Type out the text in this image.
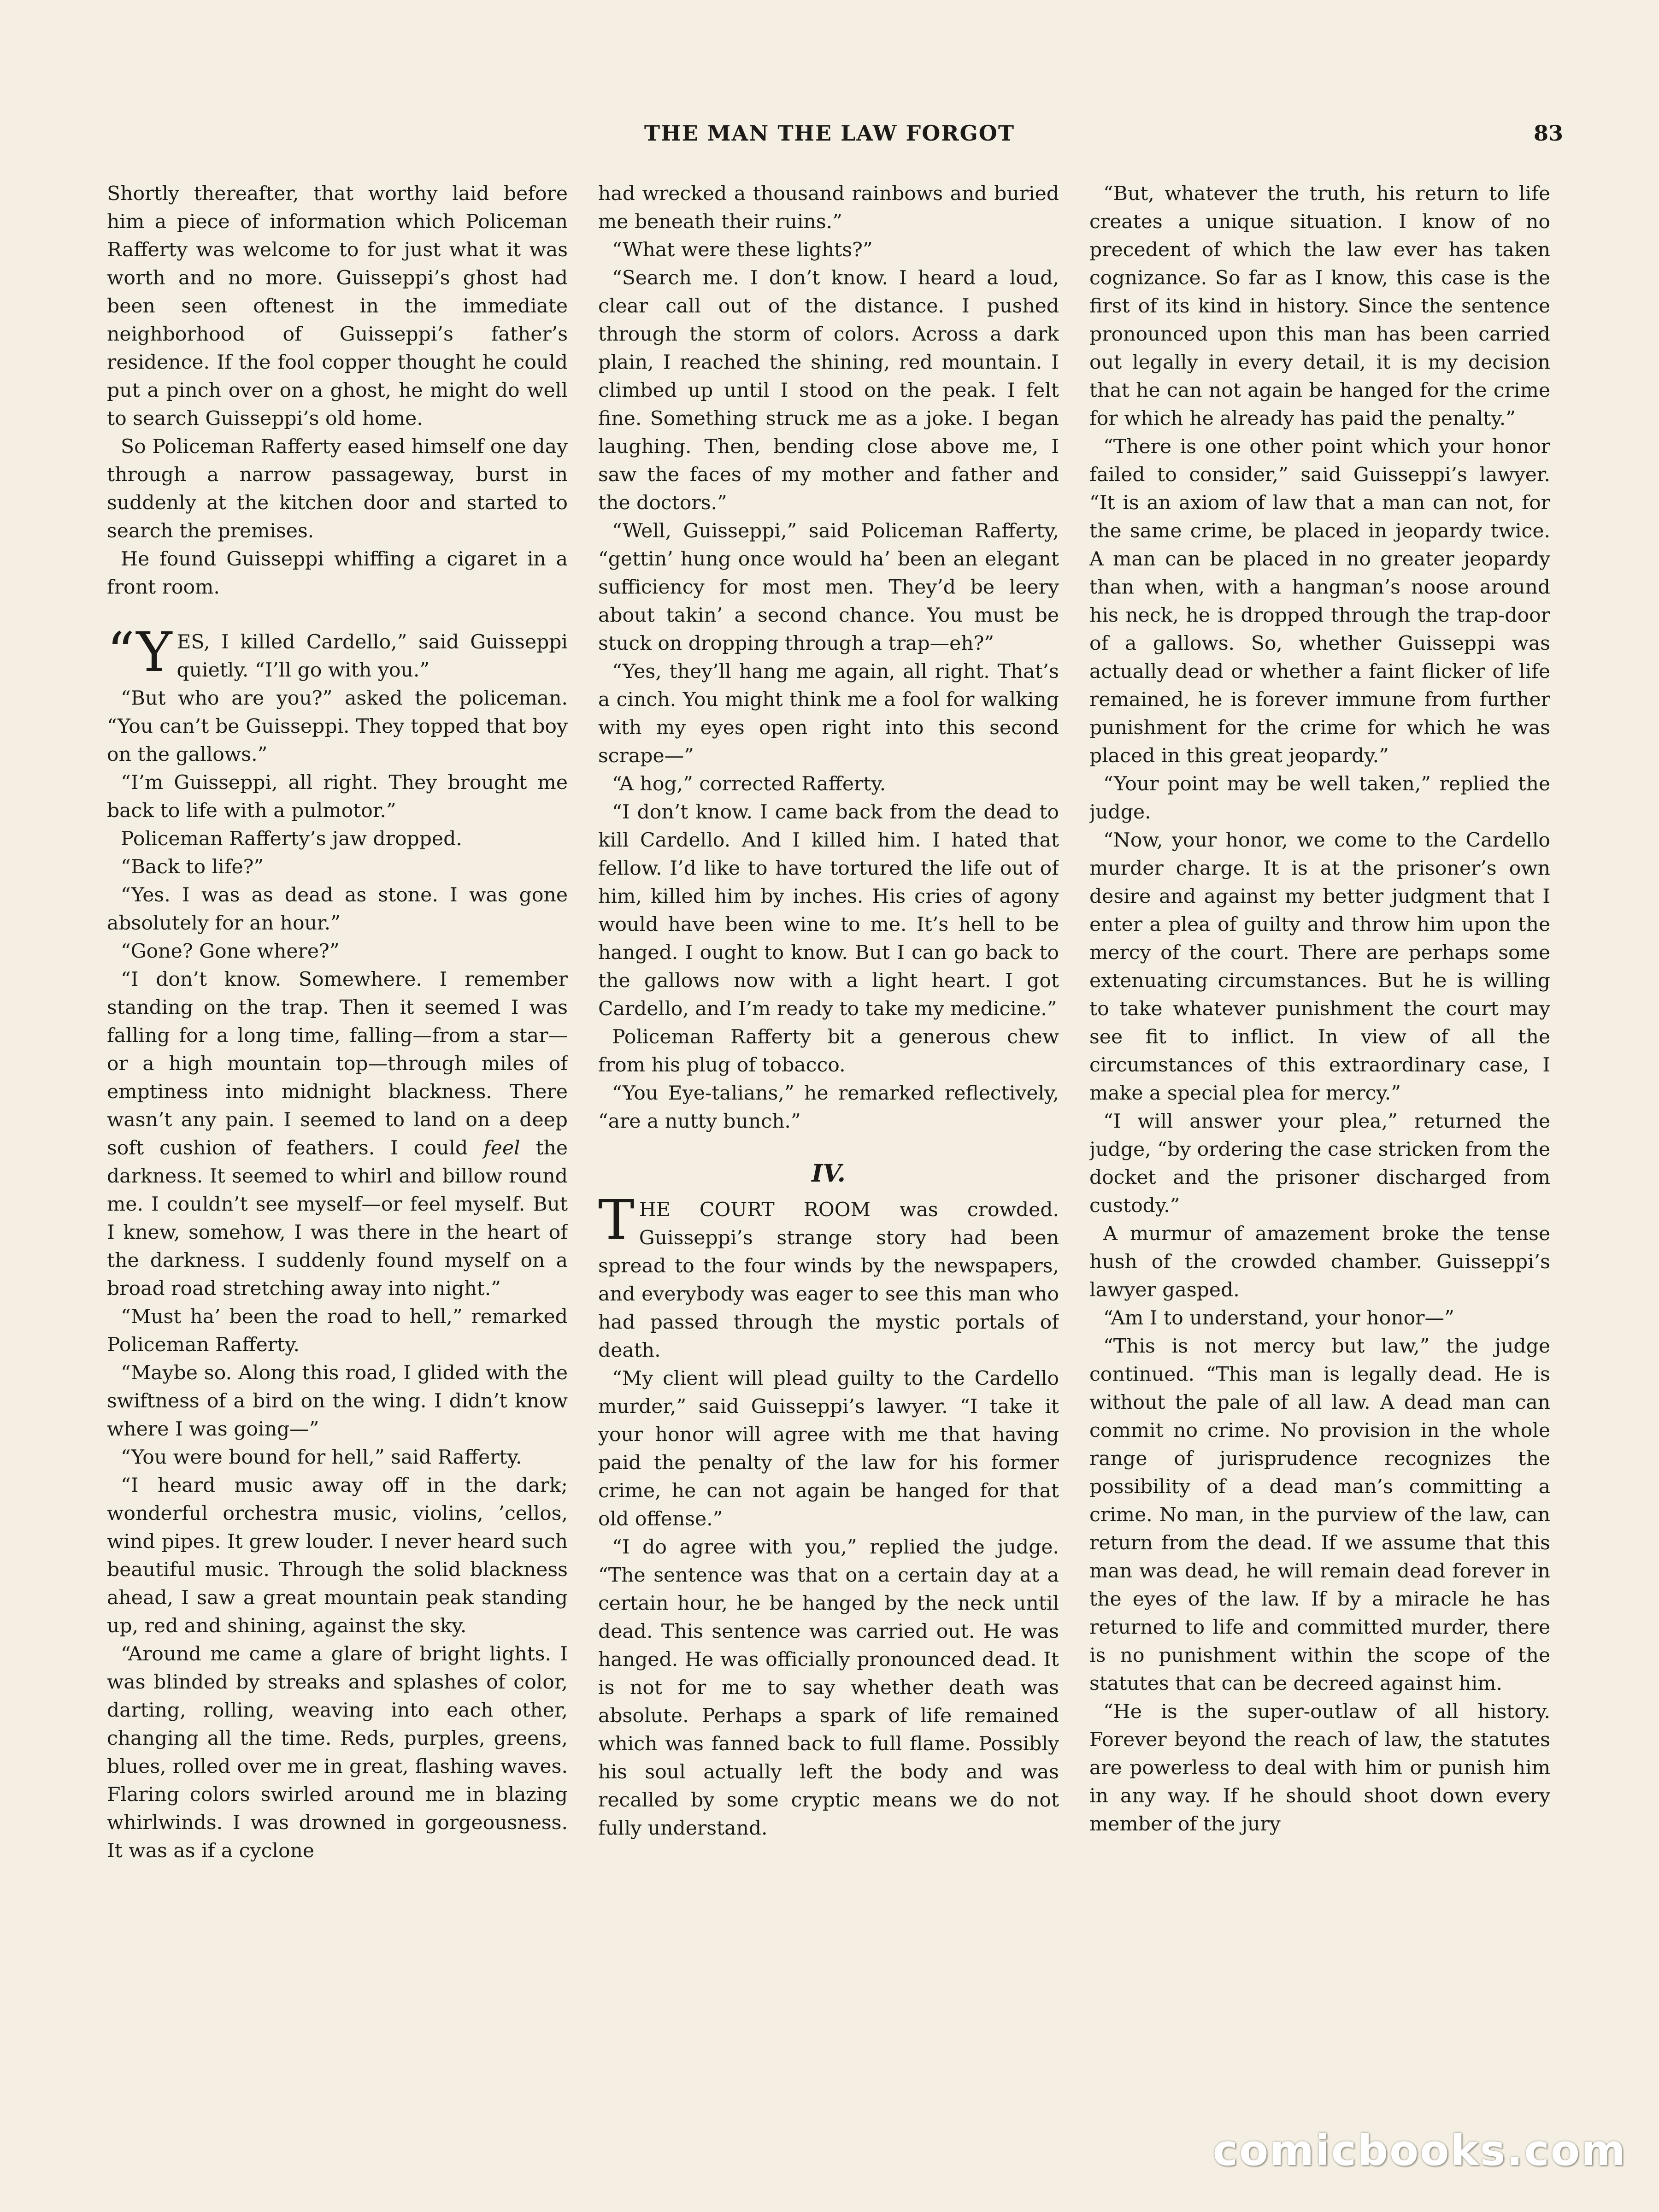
THE MAN THE LAW FORGOT	83

Shortly thereafter, that worthy laid before him a piece of information which Policeman Rafferty was welcome to for just what it was worth and no more. Guisseppi’s ghost had been seen oftenest in the immediate neighborhood of Guisseppi’s father’s residence. If the fool copper thought he could put a pinch over on a ghost, he might do well to search Guisseppi’s old home.

So Policeman Rafferty eased himself one day through a narrow passageway, burst in suddenly at the kitchen door and started to search the premises.

He found Guisseppi whiffing a cigaret in a front room.

“YES, I killed Cardello,” said Guisseppi quietly. “I’ll go with you.”

“But who are you?” asked the policeman. “You can’t be Guisseppi. They topped that boy on the gallows.”

“I’m Guisseppi, all right. They brought me back to life with a pulmotor.”

Policeman Rafferty’s jaw dropped.

“Back to life?”

“Yes. I was as dead as stone. I was gone absolutely for an hour.”

“Gone? Gone where?”

“I don’t know. Somewhere. I remember standing on the trap. Then it seemed I was falling for a long time, falling—from a star—or a high mountain top—through miles of emptiness into midnight blackness. There wasn’t any pain. I seemed to land on a deep soft cushion of feathers. I could feel the darkness. It seemed to whirl and billow round me. I couldn’t see myself—or feel myself. But I knew, somehow, I was there in the heart of the darkness. I suddenly found myself on a broad road stretching away into night.”

“Must ha’ been the road to hell,” remarked Policeman Rafferty.

“Maybe so. Along this road, I glided with the swiftness of a bird on the wing. I didn’t know where I was going—”

“You were bound for hell,” said Rafferty.

“I heard music away off in the dark; wonderful orchestra music, violins, ’cellos, wind pipes. It grew louder. I never heard such beautiful music. Through the solid blackness ahead, I saw a great mountain peak standing up, red and shining, against the sky.

“Around me came a glare of bright lights. I was blinded by streaks and splashes of color, darting, rolling, weaving into each other, changing all the time. Reds, purples, greens, blues, rolled over me in great, flashing waves. Flaring colors swirled around me in blazing whirlwinds. I was drowned in gorgeousness. It was as if a cyclone

had wrecked a thousand rainbows and buried me beneath their ruins.”

“What were these lights?”

“Search me. I don’t know. I heard a loud, clear call out of the distance. I pushed through the storm of colors. Across a dark plain, I reached the shining, red mountain. I climbed up until I stood on the peak. I felt fine. Something struck me as a joke. I began laughing. Then, bending close above me, I saw the faces of my mother and father and the doctors.”

“Well, Guisseppi,” said Policeman Rafferty, “gettin’ hung once would ha’ been an elegant sufficiency for most men. They’d be leery about takin’ a second chance. You must be stuck on dropping through a trap—eh?”

“Yes, they’ll hang me again, all right. That’s a cinch. You might think me a fool for walking with my eyes open right into this second scrape—”

“A hog,” corrected Rafferty.

“I don’t know. I came back from the dead to kill Cardello. And I killed him. I hated that fellow. I’d like to have tortured the life out of him, killed him by inches. His cries of agony would have been wine to me. It’s hell to be hanged. I ought to know. But I can go back to the gallows now with a light heart. I got Cardello, and I’m ready to take my medicine.”

Policeman Rafferty bit a generous chew from his plug of tobacco.

“You Eye-talians,” he remarked reflectively, “are a nutty bunch.”

IV.

THE COURT ROOM was crowded. Guisseppi’s strange story had been spread to the four winds by the newspapers, and everybody was eager to see this man who had passed through the mystic portals of death.

“My client will plead guilty to the Cardello murder,” said Guisseppi’s lawyer. “I take it your honor will agree with me that having paid the penalty of the law for his former crime, he can not again be hanged for that old offense.”

“I do agree with you,” replied the judge. “The sentence was that on a certain day at a certain hour, he be hanged by the neck until dead. This sentence was carried out. He was hanged. He was officially pronounced dead. It is not for me to say whether death was absolute. Perhaps a spark of life remained which was fanned back to full flame. Possibly his soul actually left the body and was recalled by some cryptic means we do not fully understand.

“But, whatever the truth, his return to life creates a unique situation. I know of no precedent of which the law ever has taken cognizance. So far as I know, this case is the first of its kind in history. Since the sentence pronounced upon this man has been carried out legally in every detail, it is my decision that he can not again be hanged for the crime for which he already has paid the penalty.”

“There is one other point which your honor failed to consider,” said Guisseppi’s lawyer. “It is an axiom of law that a man can not, for the same crime, be placed in jeopardy twice. A man can be placed in no greater jeopardy than when, with a hangman’s noose around his neck, he is dropped through the trap-door of a gallows. So, whether Guisseppi was actually dead or whether a faint flicker of life remained, he is forever immune from further punishment for the crime for which he was placed in this great jeopardy.”

“Your point may be well taken,” replied the judge.

“Now, your honor, we come to the Cardello murder charge. It is at the prisoner’s own desire and against my better judgment that I enter a plea of guilty and throw him upon the mercy of the court. There are perhaps some extenuating circumstances. But he is willing to take whatever punishment the court may see fit to inflict. In view of all the circumstances of this extraordinary case, I make a special plea for mercy.”

“I will answer your plea,” returned the judge, “by ordering the case stricken from the docket and the prisoner discharged from custody.”

A murmur of amazement broke the tense hush of the crowded chamber. Guisseppi’s lawyer gasped.

“Am I to understand, your honor—”

“This is not mercy but law,” the judge continued. “This man is legally dead. He is without the pale of all law. A dead man can commit no crime. No provision in the whole range of jurisprudence recognizes the possibility of a dead man’s committing a crime. No man, in the purview of the law, can return from the dead. If we assume that this man was dead, he will remain dead forever in the eyes of the law. If by a miracle he has returned to life and committed murder, there is no punishment within the scope of the statutes that can be decreed against him.

“He is the super-outlaw of all history. Forever beyond the reach of law, the statutes are powerless to deal with him or punish him in any way. If he should shoot down every member of the jury

comicbooks.com
